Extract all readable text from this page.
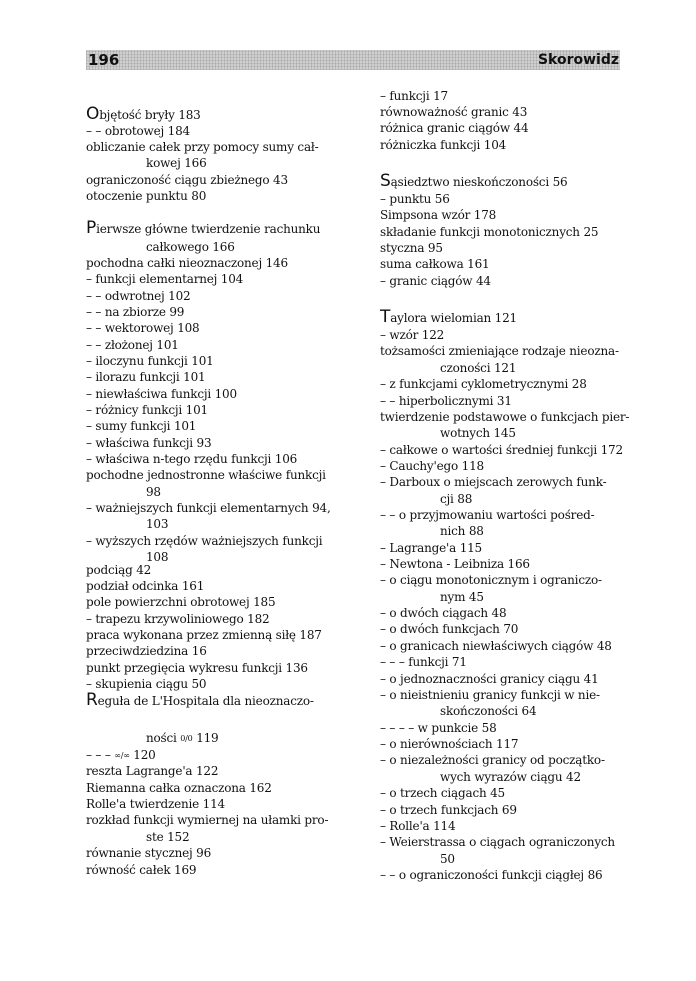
196	Skorowidz
Objętość bryły 183
– – obrotowej 184
obliczanie całek przy pomocy sumy cał-
kowej 166
ograniczoność ciągu zbieżnego 43
otoczenie punktu 80
Pierwsze główne twierdzenie rachunku
całkowego 166
pochodna całki nieoznaczonej 146
– funkcji elementarnej 104
– – odwrotnej 102
– – na zbiorze 99
– – wektorowej 108
– – złożonej 101
– iloczynu funkcji 101
– ilorazu funkcji 101
– niewłaściwa funkcji 100
– różnicy funkcji 101
– sumy funkcji 101
– właściwa funkcji 93
– właściwa n-tego rzędu funkcji 106
pochodne jednostronne właściwe funkcji
98
– ważniejszych funkcji elementarnych 94,
103
– wyższych rzędów ważniejszych funkcji
108
podciąg 42
podział odcinka 161
pole powierzchni obrotowej 185
– trapezu krzywoliniowego 182
praca wykonana przez zmienną siłę 187
przeciwdziedzina 16
punkt przegięcia wykresu funkcji 136
– skupienia ciągu 50
Reguła de L'Hospitala dla nieoznaczo-
ności 0/0 119
– – – ∞/∞ 120
reszta Lagrange'a 122
Riemanna całka oznaczona 162
Rolle'a twierdzenie 114
rozkład funkcji wymiernej na ułamki pro-
ste 152
równanie stycznej 96
równość całek 169
– funkcji 17
równoważność granic 43
różnica granic ciągów 44
różniczka funkcji 104
Sąsiedztwo nieskończoności 56
– punktu 56
Simpsona wzór 178
składanie funkcji monotonicznych 25
styczna 95
suma całkowa 161
– granic ciągów 44
Taylora wielomian 121
– wzór 122
tożsamości zmieniające rodzaje nieozna-
czoności 121
– z funkcjami cyklometrycznymi 28
– – hiperbolicznymi 31
twierdzenie podstawowe o funkcjach pier-
wotnych 145
– całkowe o wartości średniej funkcji 172
– Cauchy'ego 118
– Darboux o miejscach zerowych funk-
cji 88
– – o przyjmowaniu wartości pośred-
nich 88
– Lagrange'a 115
– Newtona - Leibniza 166
– o ciągu monotonicznym i ograniczo-
nym 45
– o dwóch ciągach 48
– o dwóch funkcjach 70
– o granicach niewłaściwych ciągów 48
– – – funkcji 71
– o jednoznaczności granicy ciągu 41
– o nieistnieniu granicy funkcji w nie-
skończoności 64
– – – – w punkcie 58
– o nierównościach 117
– o niezależności granicy od początko-
wych wyrazów ciągu 42
– o trzech ciągach 45
– o trzech funkcjach 69
– Rolle'a 114
– Weierstrassa o ciągach ograniczonych
50
– – o ograniczoności funkcji ciągłej 86
